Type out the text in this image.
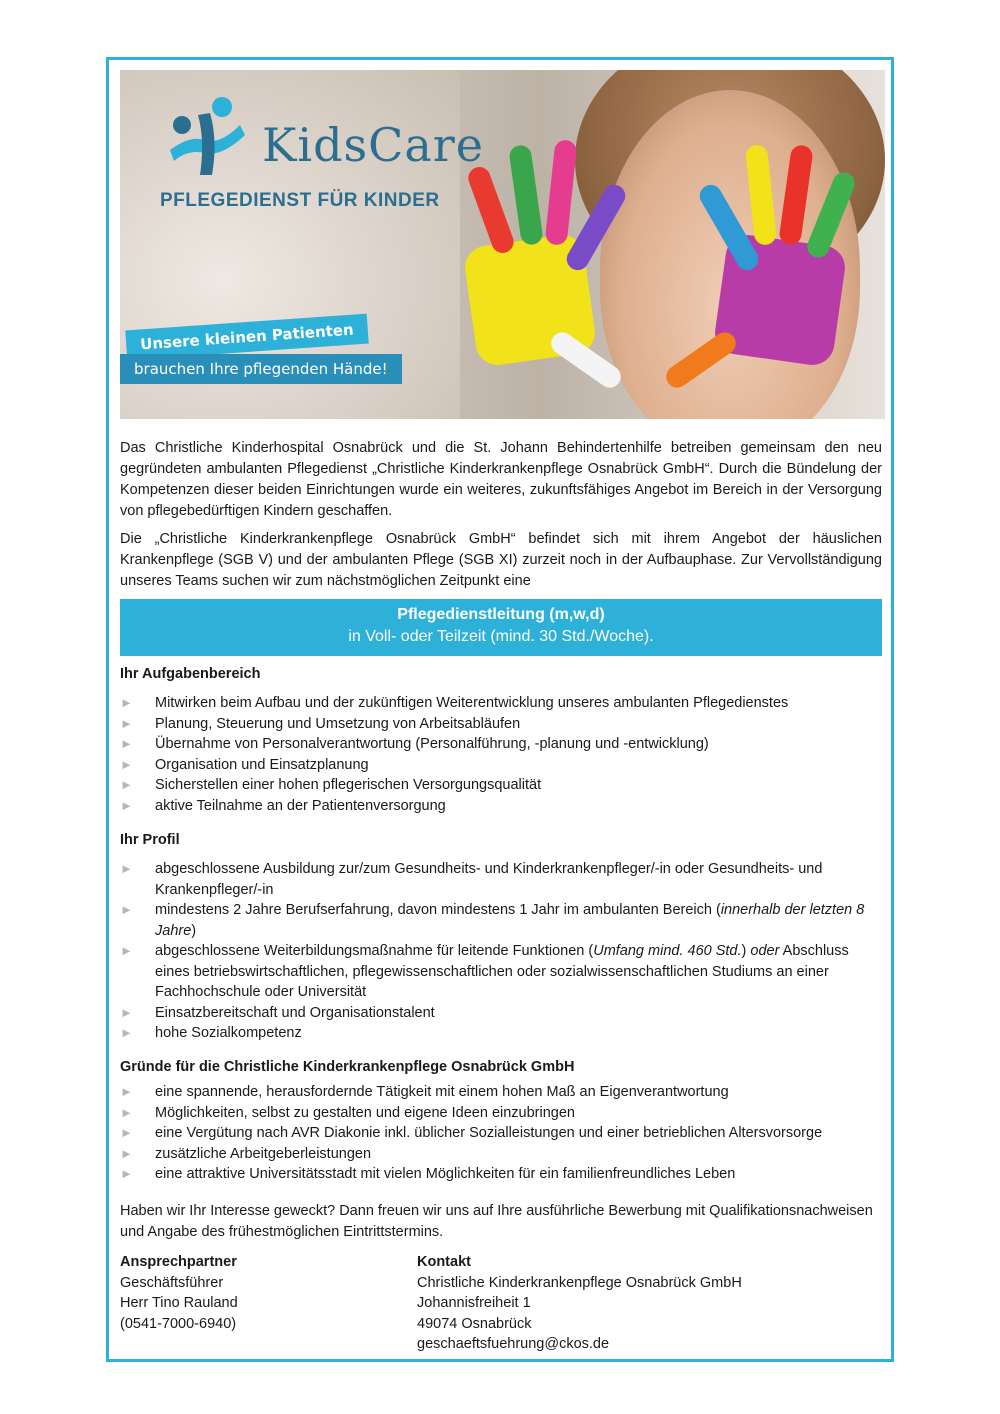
KidsCare
PFLEGEDIENST FÜR KINDER
Unsere kleinen Patienten
brauchen Ihre pflegenden Hände!
Das Christliche Kinderhospital Osnabrück und die St. Johann Behindertenhilfe betreiben gemeinsam den neu gegründeten ambulanten Pflegedienst „Christliche Kinderkrankenpflege Osnabrück GmbH“. Durch die Bündelung der Kompetenzen dieser beiden Einrichtungen wurde ein weiteres, zukunftsfähiges Angebot im Bereich in der Versorgung von pflegebedürftigen Kindern geschaffen.
Die „Christliche Kinderkrankenpflege Osnabrück GmbH“ befindet sich mit ihrem Angebot der häuslichen Krankenpflege (SGB V) und der ambulanten Pflege (SGB XI) zurzeit noch in der Aufbauphase. Zur Vervollständigung unseres Teams suchen wir zum nächstmöglichen Zeitpunkt eine
Pflegedienstleitung (m,w,d)
in Voll- oder Teilzeit (mind. 30 Std./Woche).
Ihr Aufgabenbereich
► Mitwirken beim Aufbau und der zukünftigen Weiterentwicklung unseres ambulanten Pflegedienstes
► Planung, Steuerung und Umsetzung von Arbeitsabläufen
► Übernahme von Personalverantwortung (Personalführung, -planung und -entwicklung)
► Organisation und Einsatzplanung
► Sicherstellen einer hohen pflegerischen Versorgungsqualität
► aktive Teilnahme an der Patientenversorgung
Ihr Profil
► abgeschlossene Ausbildung zur/zum Gesundheits- und Kinderkrankenpfleger/-in oder Gesundheits- und Krankenpfleger/-in
► mindestens 2 Jahre Berufserfahrung, davon mindestens 1 Jahr im ambulanten Bereich (innerhalb der letzten 8 Jahre)
► abgeschlossene Weiterbildungsmaßnahme für leitende Funktionen (Umfang mind. 460 Std.) oder Abschluss eines betriebswirtschaftlichen, pflegewissenschaftlichen oder sozialwissenschaftlichen Studiums an einer Fachhochschule oder Universität
► Einsatzbereitschaft und Organisationstalent
► hohe Sozialkompetenz
Gründe für die Christliche Kinderkrankenpflege Osnabrück GmbH
► eine spannende, herausfordernde Tätigkeit mit einem hohen Maß an Eigenverantwortung
► Möglichkeiten, selbst zu gestalten und eigene Ideen einzubringen
► eine Vergütung nach AVR Diakonie inkl. üblicher Sozialleistungen und einer betrieblichen Altersvorsorge
► zusätzliche Arbeitgeberleistungen
► eine attraktive Universitätsstadt mit vielen Möglichkeiten für ein familienfreundliches Leben
Haben wir Ihr Interesse geweckt? Dann freuen wir uns auf Ihre ausführliche Bewerbung mit Qualifikationsnachweisen und Angabe des frühestmöglichen Eintrittstermins.
Ansprechpartner
Geschäftsführer
Herr Tino Rauland
(0541-7000-6940)
Kontakt
Christliche Kinderkrankenpflege Osnabrück GmbH
Johannisfreiheit 1
49074 Osnabrück
geschaeftsfuehrung@ckos.de
